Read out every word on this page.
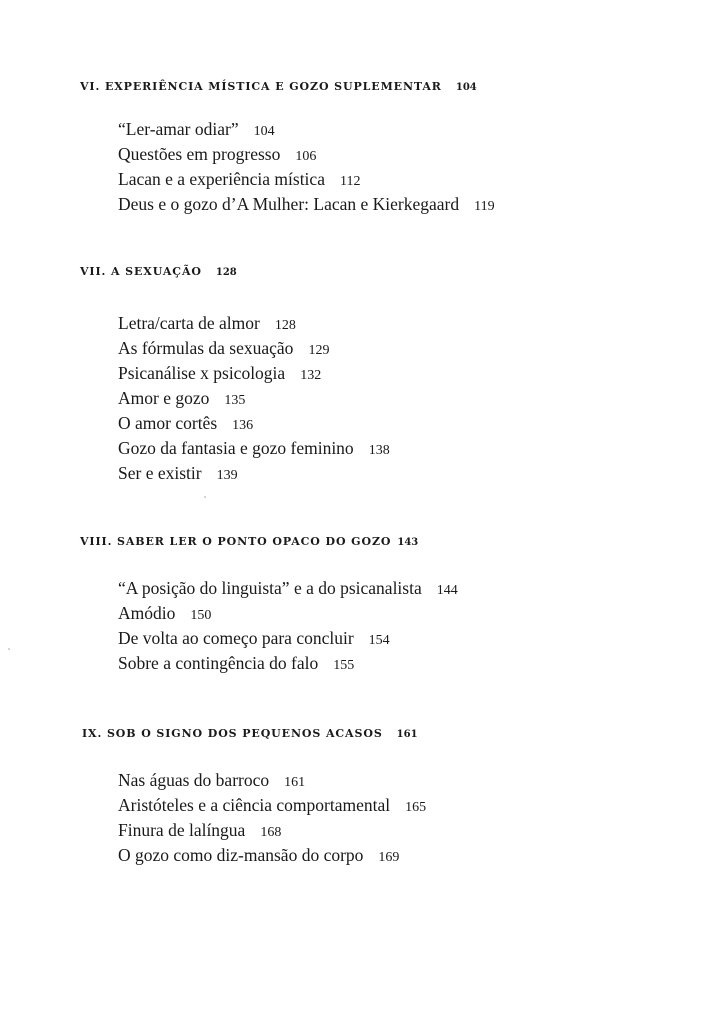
VI. EXPERIÊNCIA MÍSTICA E GOZO SUPLEMENTAR 104
“Ler-amar odiar” 104
Questões em progresso 106
Lacan e a experiência mística 112
Deus e o gozo d’A Mulher: Lacan e Kierkegaard 119
VII. A SEXUAÇÃO 128
Letra/carta de almor 128
As fórmulas da sexuação 129
Psicanálise x psicologia 132
Amor e gozo 135
O amor cortês 136
Gozo da fantasia e gozo feminino 138
Ser e existir 139
VIII. SABER LER O PONTO OPACO DO GOZO 143
“A posição do linguista” e a do psicanalista 144
Amódio 150
De volta ao começo para concluir 154
Sobre a contingência do falo 155
IX. SOB O SIGNO DOS PEQUENOS ACASOS 161
Nas águas do barroco 161
Aristóteles e a ciência comportamental 165
Finura de lalíngua 168
O gozo como diz-mansão do corpo 169
